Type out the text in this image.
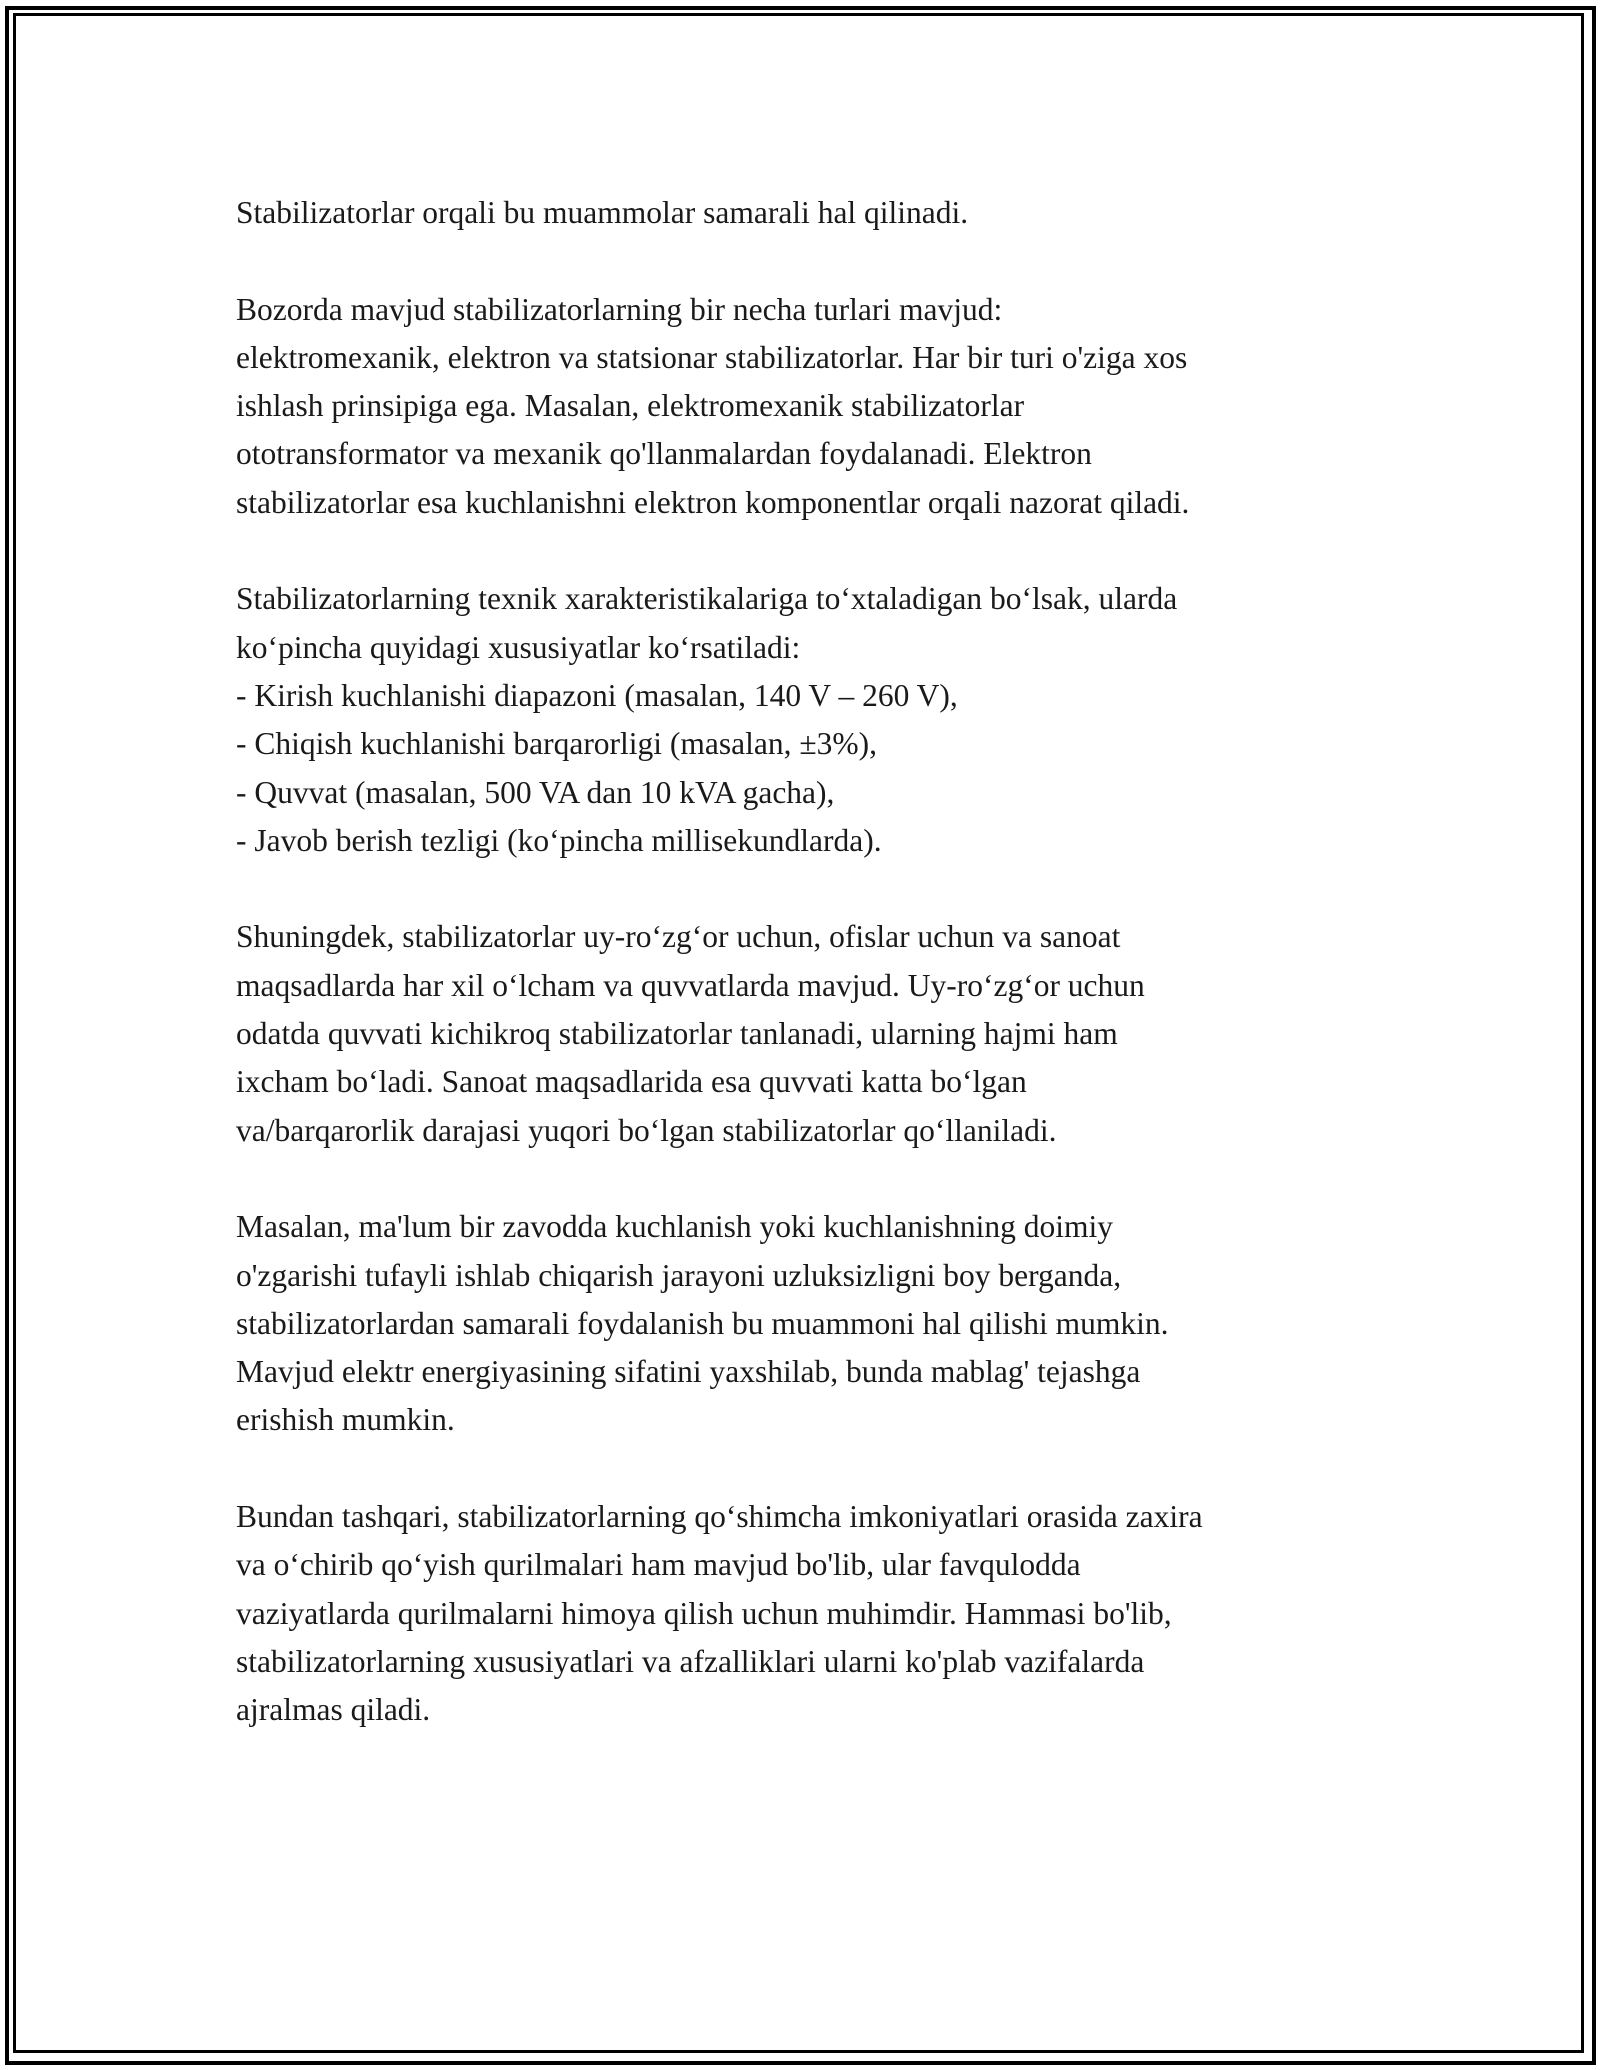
Stabilizatorlar orqali bu muammolar samarali hal qilinadi.

Bozorda mavjud stabilizatorlarning bir necha turlari mavjud:
elektromexanik, elektron va statsionar stabilizatorlar. Har bir turi o'ziga xos
ishlash prinsipiga ega. Masalan, elektromexanik stabilizatorlar
ototransformator va mexanik qo'llanmalardan foydalanadi. Elektron
stabilizatorlar esa kuchlanishni elektron komponentlar orqali nazorat qiladi.

Stabilizatorlarning texnik xarakteristikalariga to‘xtaladigan bo‘lsak, ularda
ko‘pincha quyidagi xususiyatlar ko‘rsatiladi:
- Kirish kuchlanishi diapazoni (masalan, 140 V – 260 V),
- Chiqish kuchlanishi barqarorligi (masalan, ±3%),
- Quvvat (masalan, 500 VA dan 10 kVA gacha),
- Javob berish tezligi (ko‘pincha millisekundlarda).

Shuningdek, stabilizatorlar uy-ro‘zg‘or uchun, ofislar uchun va sanoat
maqsadlarda har xil o‘lcham va quvvatlarda mavjud. Uy-ro‘zg‘or uchun
odatda quvvati kichikroq stabilizatorlar tanlanadi, ularning hajmi ham
ixcham bo‘ladi. Sanoat maqsadlarida esa quvvati katta bo‘lgan
va/barqarorlik darajasi yuqori bo‘lgan stabilizatorlar qo‘llaniladi.

Masalan, ma'lum bir zavodda kuchlanish yoki kuchlanishning doimiy
o'zgarishi tufayli ishlab chiqarish jarayoni uzluksizligni boy berganda,
stabilizatorlardan samarali foydalanish bu muammoni hal qilishi mumkin.
Mavjud elektr energiyasining sifatini yaxshilab, bunda mablag' tejashga
erishish mumkin.

Bundan tashqari, stabilizatorlarning qo‘shimcha imkoniyatlari orasida zaxira
va o‘chirib qo‘yish qurilmalari ham mavjud bo'lib, ular favqulodda
vaziyatlarda qurilmalarni himoya qilish uchun muhimdir. Hammasi bo'lib,
stabilizatorlarning xususiyatlari va afzalliklari ularni ko'plab vazifalarda
ajralmas qiladi.
